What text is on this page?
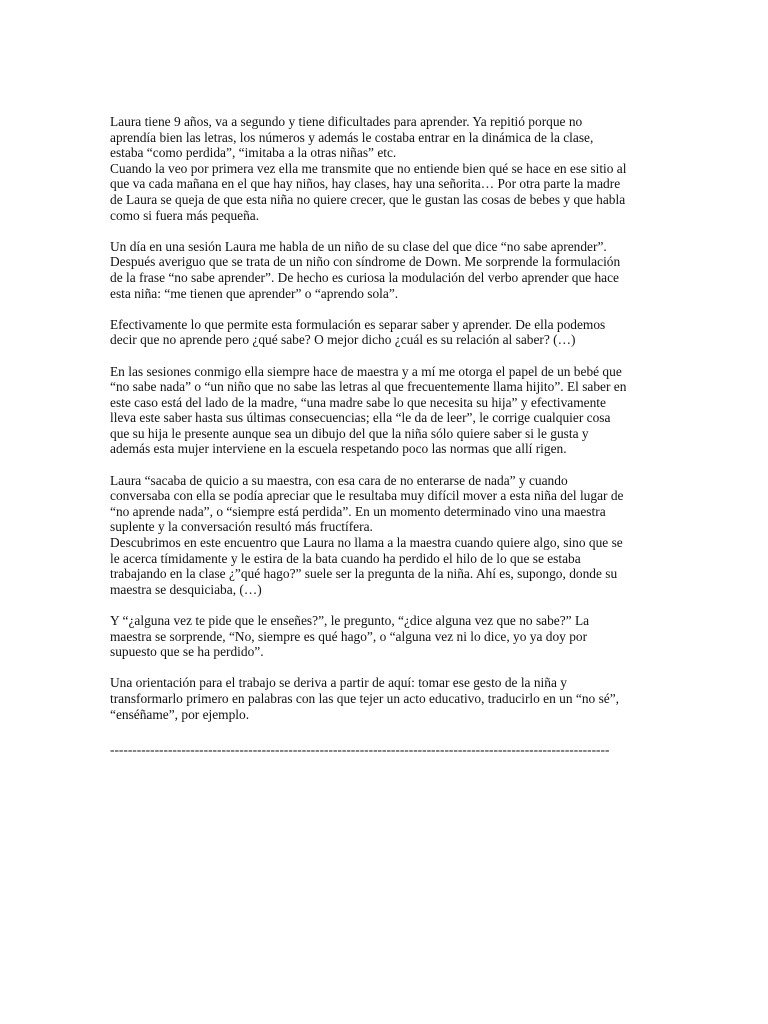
Laura tiene 9 años, va a segundo y tiene dificultades para aprender. Ya repitió porque no
aprendía bien las letras, los números y además le costaba entrar en la dinámica de la clase,
estaba “como perdida”, “imitaba a la otras niñas” etc.
Cuando la veo por primera vez ella me transmite que no entiende bien qué se hace en ese sitio al
que va cada mañana en el que hay niños, hay clases, hay una señorita… Por otra parte la madre
de Laura se queja de que esta niña no quiere crecer, que le gustan las cosas de bebes y que habla
como si fuera más pequeña.

Un día en una sesión Laura me habla de un niño de su clase del que dice “no sabe aprender”.
Después averiguo que se trata de un niño con síndrome de Down. Me sorprende la formulación
de la frase “no sabe aprender”. De hecho es curiosa la modulación del verbo aprender que hace
esta niña: “me tienen que aprender” o “aprendo sola”.

Efectivamente lo que permite esta formulación es separar saber y aprender. De ella podemos
decir que no aprende pero ¿qué sabe? O mejor dicho ¿cuál es su relación al saber? (…)

En las sesiones conmigo ella siempre hace de maestra y a mí me otorga el papel de un bebé que
“no sabe nada” o “un niño que no sabe las letras al que frecuentemente llama hijito”. El saber en
este caso está del lado de la madre, “una madre sabe lo que necesita su hija” y efectivamente
lleva este saber hasta sus últimas consecuencias; ella “le da de leer”, le corrige cualquier cosa
que su hija le presente aunque sea un dibujo del que la niña sólo quiere saber si le gusta y
además esta mujer interviene en la escuela respetando poco las normas que allí rigen.

Laura “sacaba de quicio a su maestra, con esa cara de no enterarse de nada” y cuando
conversaba con ella se podía apreciar que le resultaba muy difícil mover a esta niña del lugar de
“no aprende nada”, o “siempre está perdida”. En un momento determinado vino una maestra
suplente y la conversación resultó más fructífera.
Descubrimos en este encuentro que Laura no llama a la maestra cuando quiere algo, sino que se
le acerca tímidamente y le estira de la bata cuando ha perdido el hilo de lo que se estaba
trabajando en la clase ¿”qué hago?” suele ser la pregunta de la niña. Ahí es, supongo, donde su
maestra se desquiciaba, (…)

Y “¿alguna vez te pide que le enseñes?”, le pregunto, “¿dice alguna vez que no sabe?” La
maestra se sorprende, “No, siempre es qué hago”, o “alguna vez ni lo dice, yo ya doy por
supuesto que se ha perdido”.

Una orientación para el trabajo se deriva a partir de aquí: tomar ese gesto de la niña y
transformarlo primero en palabras con las que tejer un acto educativo, traducirlo en un “no sé”,
“enséñame”, por ejemplo.

----------------------------------------------------------------------------------------------------------------
